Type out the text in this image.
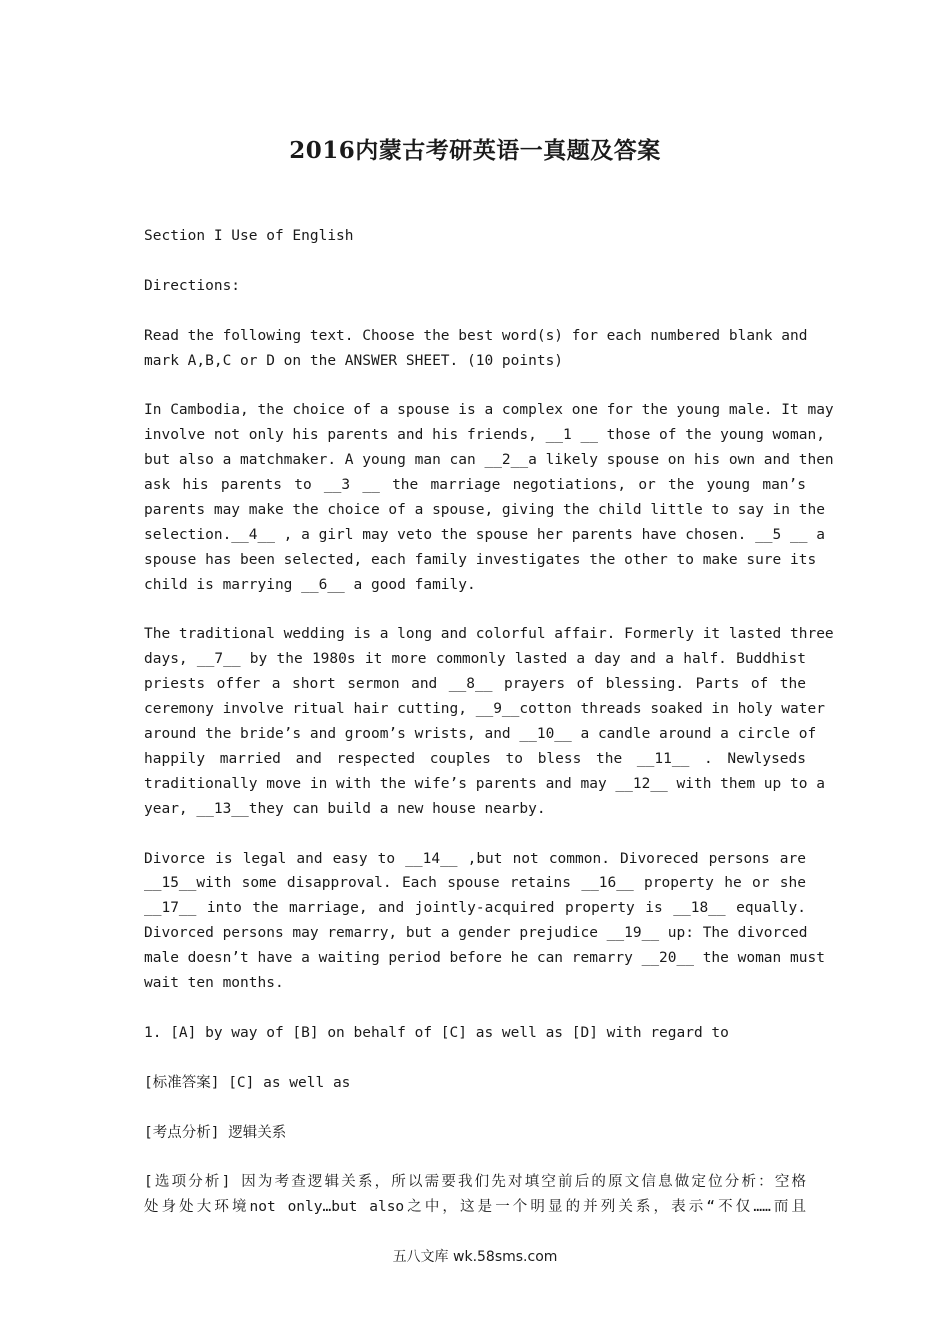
2016内蒙古考研英语一真题及答案

Section I Use of English

Directions:

Read the following text. Choose the best word(s) for each numbered blank and
mark A,B,C or D on the ANSWER SHEET. (10 points)

In Cambodia, the choice of a spouse is a complex one for the young male. It may
involve not only his parents and his friends, __1 __ those of the young woman,
but also a matchmaker. A young man can __2__a likely spouse on his own and then
ask his parents to __3 __ the marriage negotiations, or the young man’s
parents may make the choice of a spouse, giving the child little to say in the
selection.__4__ , a girl may veto the spouse her parents have chosen. __5 __ a
spouse has been selected, each family investigates the other to make sure its
child is marrying __6__ a good family.

The traditional wedding is a long and colorful affair. Formerly it lasted three
days, __7__ by the 1980s it more commonly lasted a day and a half. Buddhist
priests offer a short sermon and __8__ prayers of blessing. Parts of the
ceremony involve ritual hair cutting, __9__cotton threads soaked in holy water
around the bride’s and groom’s wrists, and __10__ a candle around a circle of
happily married and respected couples to bless the __11__ . Newlyseds
traditionally move in with the wife’s parents and may __12__ with them up to a
year, __13__they can build a new house nearby.

Divorce is legal and easy to __14__ ,but not common. Divoreced persons are
__15__with some disapproval. Each spouse retains __16__ property he or she
__17__ into the marriage, and jointly-acquired property is __18__ equally.
Divorced persons may remarry, but a gender prejudice __19__ up: The divorced
male doesn’t have a waiting period before he can remarry __20__ the woman must
wait ten months.

1. [A] by way of [B] on behalf of [C] as well as [D] with regard to

[标准答案] [C] as well as

[考点分析] 逻辑关系

[选项分析] 因为考查逻辑关系，所以需要我们先对填空前后的原文信息做定位分析：空格
处身处大环境not only…but also之中，这是一个明显的并列关系，表示“不仅……而且

五八文库 wk.58sms.com
